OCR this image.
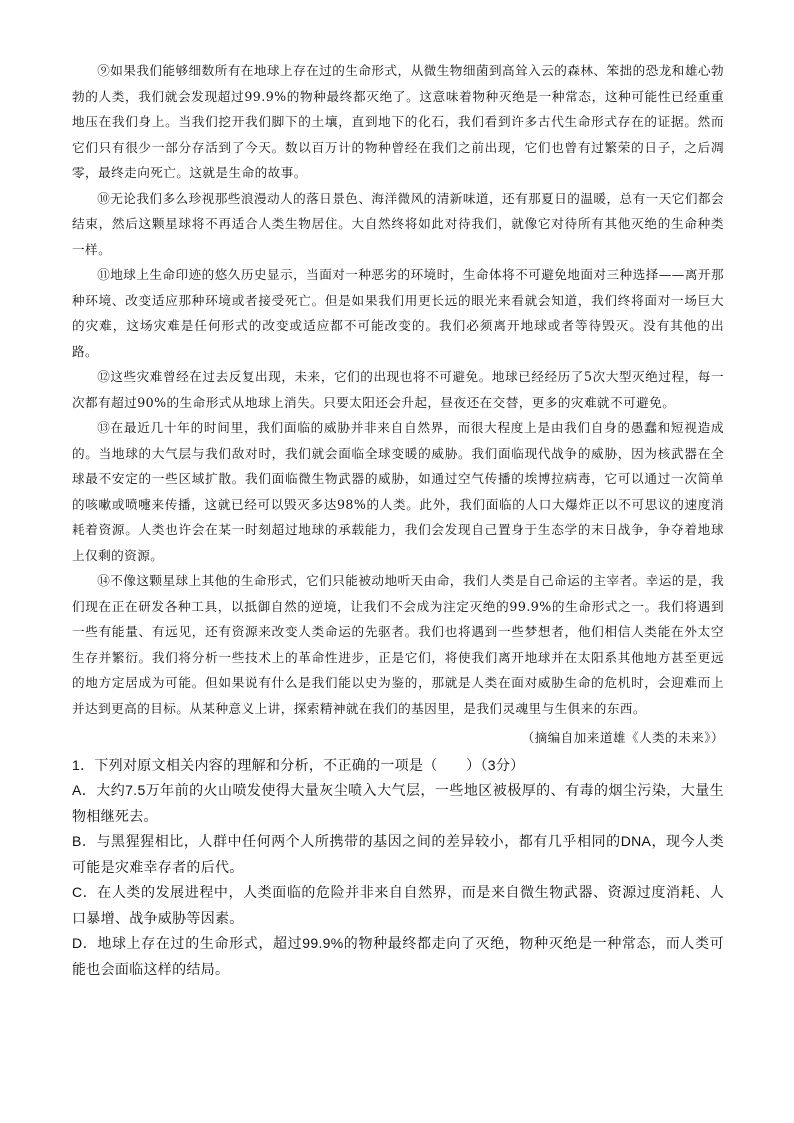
⑨如果我们能够细数所有在地球上存在过的生命形式，从微生物细菌到高耸入云的森林、笨拙的恐龙和雄心勃勃的人类，我们就会发现超过99.9%的物种最终都灭绝了。这意味着物种灭绝是一种常态，这种可能性已经重重地压在我们身上。当我们挖开我们脚下的土壤，直到地下的化石，我们看到许多古代生命形式存在的证据。然而它们只有很少一部分存活到了今天。数以百万计的物种曾经在我们之前出现，它们也曾有过繁荣的日子，之后凋零，最终走向死亡。这就是生命的故事。

⑩无论我们多么珍视那些浪漫动人的落日景色、海洋微风的清新味道，还有那夏日的温暖，总有一天它们都会结束，然后这颗星球将不再适合人类生物居住。大自然终将如此对待我们，就像它对待所有其他灭绝的生命种类一样。

⑪地球上生命印迹的悠久历史显示，当面对一种恶劣的环境时，生命体将不可避免地面对三种选择——离开那种环境、改变适应那种环境或者接受死亡。但是如果我们用更长远的眼光来看就会知道，我们终将面对一场巨大的灾难，这场灾难是任何形式的改变或适应都不可能改变的。我们必须离开地球或者等待毁灭。没有其他的出路。

⑫这些灾难曾经在过去反复出现，未来，它们的出现也将不可避免。地球已经经历了5次大型灭绝过程，每一次都有超过90%的生命形式从地球上消失。只要太阳还会升起，昼夜还在交替，更多的灾难就不可避免。

⑬在最近几十年的时间里，我们面临的威胁并非来自自然界，而很大程度上是由我们自身的愚蠢和短视造成的。当地球的大气层与我们敌对时，我们就会面临全球变暖的威胁。我们面临现代战争的威胁，因为核武器在全球最不安定的一些区域扩散。我们面临微生物武器的威胁，如通过空气传播的埃博拉病毒，它可以通过一次简单的咳嗽或喷嚏来传播，这就已经可以毁灭多达98%的人类。此外，我们面临的人口大爆炸正以不可思议的速度消耗着资源。人类也许会在某一时刻超过地球的承载能力，我们会发现自己置身于生态学的末日战争，争夺着地球上仅剩的资源。

⑭不像这颗星球上其他的生命形式，它们只能被动地听天由命，我们人类是自己命运的主宰者。幸运的是，我们现在正在研发各种工具，以抵御自然的逆境，让我们不会成为注定灭绝的99.9%的生命形式之一。我们将遇到一些有能量、有远见，还有资源来改变人类命运的先驱者。我们也将遇到一些梦想者，他们相信人类能在外太空生存并繁衍。我们将分析一些技术上的革命性进步，正是它们，将使我们离开地球并在太阳系其他地方甚至更远的地方定居成为可能。但如果说有什么是我们能以史为鉴的，那就是人类在面对威胁生命的危机时，会迎难而上并达到更高的目标。从某种意义上讲，探索精神就在我们的基因里，是我们灵魂里与生俱来的东西。

（摘编自加来道雄《人类的未来》）

1．下列对原文相关内容的理解和分析，不正确的一项是（　　）（3分）

A．大约7.5万年前的火山喷发使得大量灰尘喷入大气层，一些地区被极厚的、有毒的烟尘污染，大量生物相继死去。

B．与黑猩猩相比，人群中任何两个人所携带的基因之间的差异较小，都有几乎相同的DNA，现今人类可能是灾难幸存者的后代。

C．在人类的发展进程中，人类面临的危险并非来自自然界，而是来自微生物武器、资源过度消耗、人口暴增、战争威胁等因素。

D．地球上存在过的生命形式，超过99.9%的物种最终都走向了灭绝，物种灭绝是一种常态，而人类可能也会面临这样的结局。
